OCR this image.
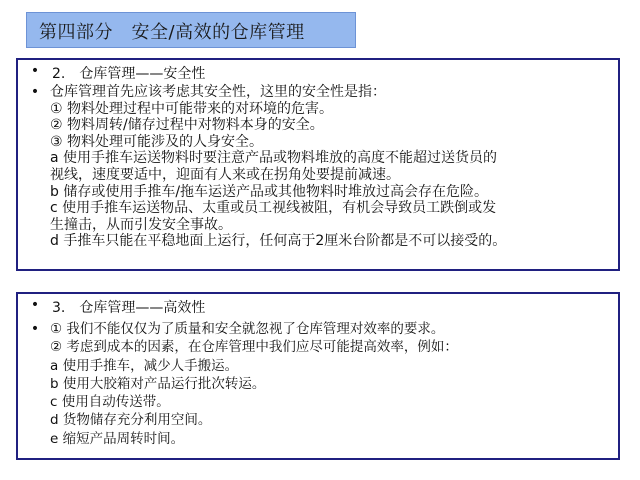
第四部分　安全/高效的仓库管理
• 2.　仓库管理——安全性
• 仓库管理首先应该考虑其安全性，这里的安全性是指：
① 物料处理过程中可能带来的对环境的危害。
② 物料周转/储存过程中对物料本身的安全。
③ 物料处理可能涉及的人身安全。
a 使用手推车运送物料时要注意产品或物料堆放的高度不能超过送货员的
视线，速度要适中，迎面有人来或在拐角处要提前减速。
b 储存或使用手推车/拖车运送产品或其他物料时堆放过高会存在危险。
c 使用手推车运送物品、太重或员工视线被阻，有机会导致员工跌倒或发
生撞击，从而引发安全事故。
d 手推车只能在平稳地面上运行，任何高于2厘米台阶都是不可以接受的。
• 3.　仓库管理——高效性
• ① 我们不能仅仅为了质量和安全就忽视了仓库管理对效率的要求。
② 考虑到成本的因素，在仓库管理中我们应尽可能提高效率，例如：
a 使用手推车，减少人手搬运。
b 使用大胶箱对产品运行批次转运。
c 使用自动传送带。
d 货物储存充分利用空间。
e 缩短产品周转时间。
